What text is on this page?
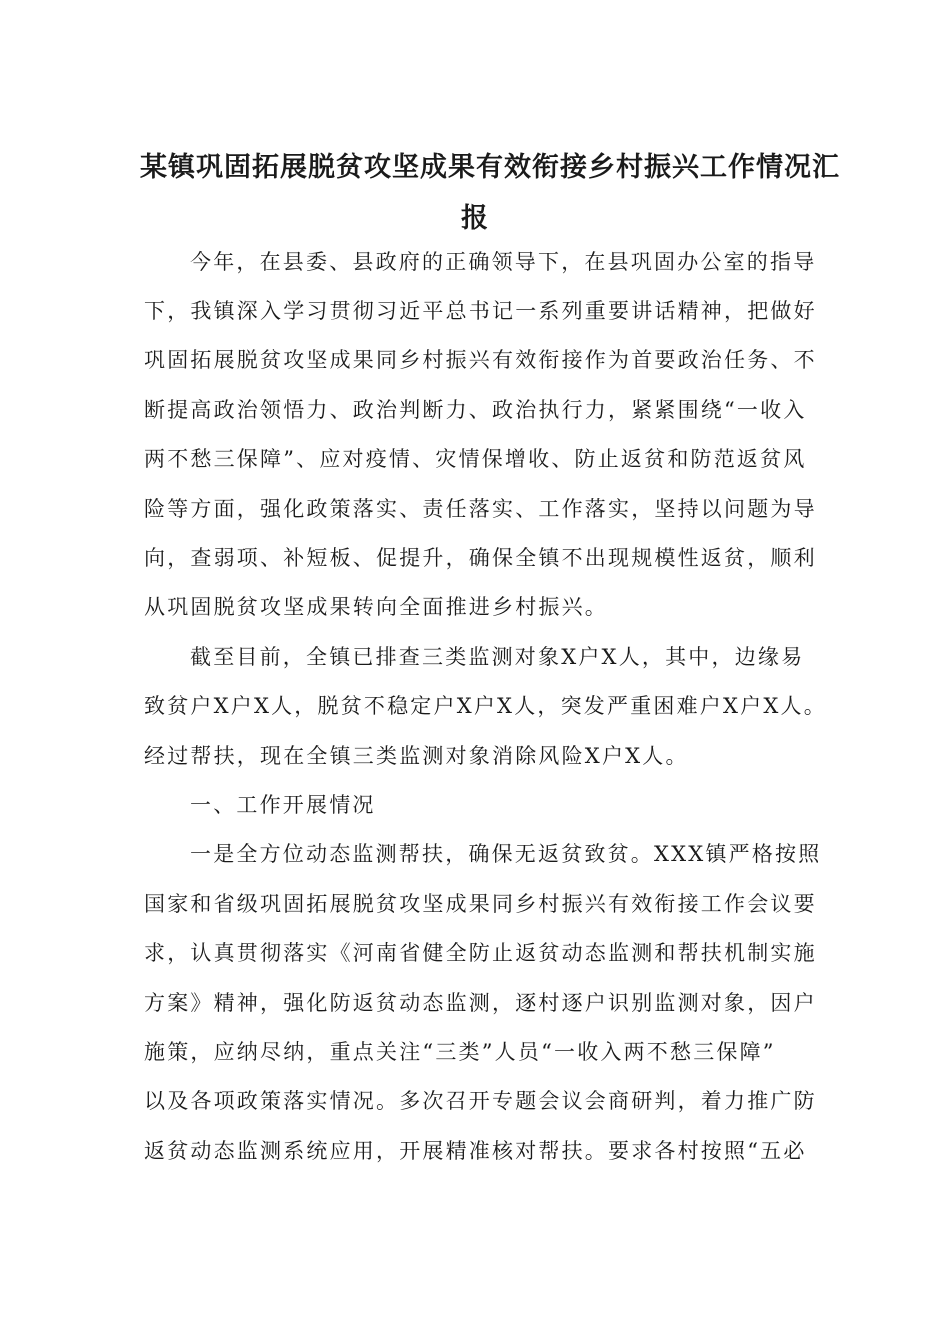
某镇巩固拓展脱贫攻坚成果有效衔接乡村振兴工作情况汇
报

今年，在县委、县政府的正确领导下，在县巩固办公室的指导

下，我镇深入学习贯彻习近平总书记一系列重要讲话精神，把做好

巩固拓展脱贫攻坚成果同乡村振兴有效衔接作为首要政治任务、不

断提高政治领悟力、政治判断力、政治执行力，紧紧围绕“一收入

两不愁三保障”、应对疫情、灾情保增收、防止返贫和防范返贫风

险等方面，强化政策落实、责任落实、工作落实，坚持以问题为导

向，查弱项、补短板、促提升，确保全镇不出现规模性返贫，顺利

从巩固脱贫攻坚成果转向全面推进乡村振兴。

截至目前，全镇已排查三类监测对象X户X人，其中，边缘易

致贫户X户X人，脱贫不稳定户X户X人，突发严重困难户X户X人。

经过帮扶，现在全镇三类监测对象消除风险X户X人。

一、工作开展情况

一是全方位动态监测帮扶，确保无返贫致贫。XXX镇严格按照

国家和省级巩固拓展脱贫攻坚成果同乡村振兴有效衔接工作会议要

求，认真贯彻落实《河南省健全防止返贫动态监测和帮扶机制实施

方案》精神，强化防返贫动态监测，逐村逐户识别监测对象，因户

施策，应纳尽纳，重点关注“三类”人员“一收入两不愁三保障”

以及各项政策落实情况。多次召开专题会议会商研判，着力推广防

返贫动态监测系统应用，开展精准核对帮扶。要求各村按照“五必
